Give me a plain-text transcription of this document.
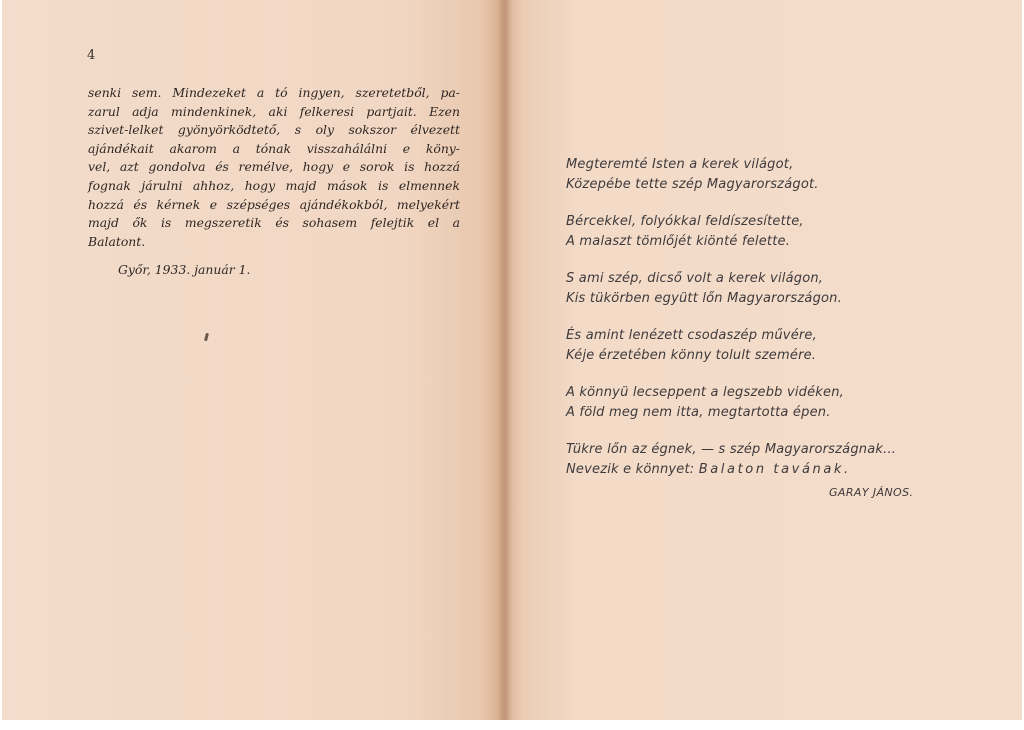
4
senki sem. Mindezeket a tó ingyen, szeretetből, pa-
zarul adja mindenkinek, aki felkeresi partjait. Ezen
szivet-lelket gyönyörködtető, s oly sokszor élvezett
ajándékait akarom a tónak visszahálálni e köny-
vel, azt gondolva és remélve, hogy e sorok is hozzá
fognak járulni ahhoz, hogy majd mások is elmennek
hozzá és kérnek e szépséges ajándékokból, melyekért
majd ők is megszeretik és sohasem felejtik el a
Balatont.
Győr, 1933. január 1.
Megteremté Isten a kerek világot,
Közepébe tette szép Magyarországot.
Bércekkel, folyókkal feldíszesítette,
A malaszt tömlőjét kiönté felette.
S ami szép, dicső volt a kerek világon,
Kis tükörben együtt lőn Magyarországon.
És amint lenézett csodaszép művére,
Kéje érzetében könny tolult szemére.
A könnyü lecseppent a legszebb vidéken,
A föld meg nem itta, megtartotta épen.
Tükre lőn az égnek, — s szép Magyarországnak...
Nevezik e könnyet: Balaton tavának.
GARAY JÁNOS.
